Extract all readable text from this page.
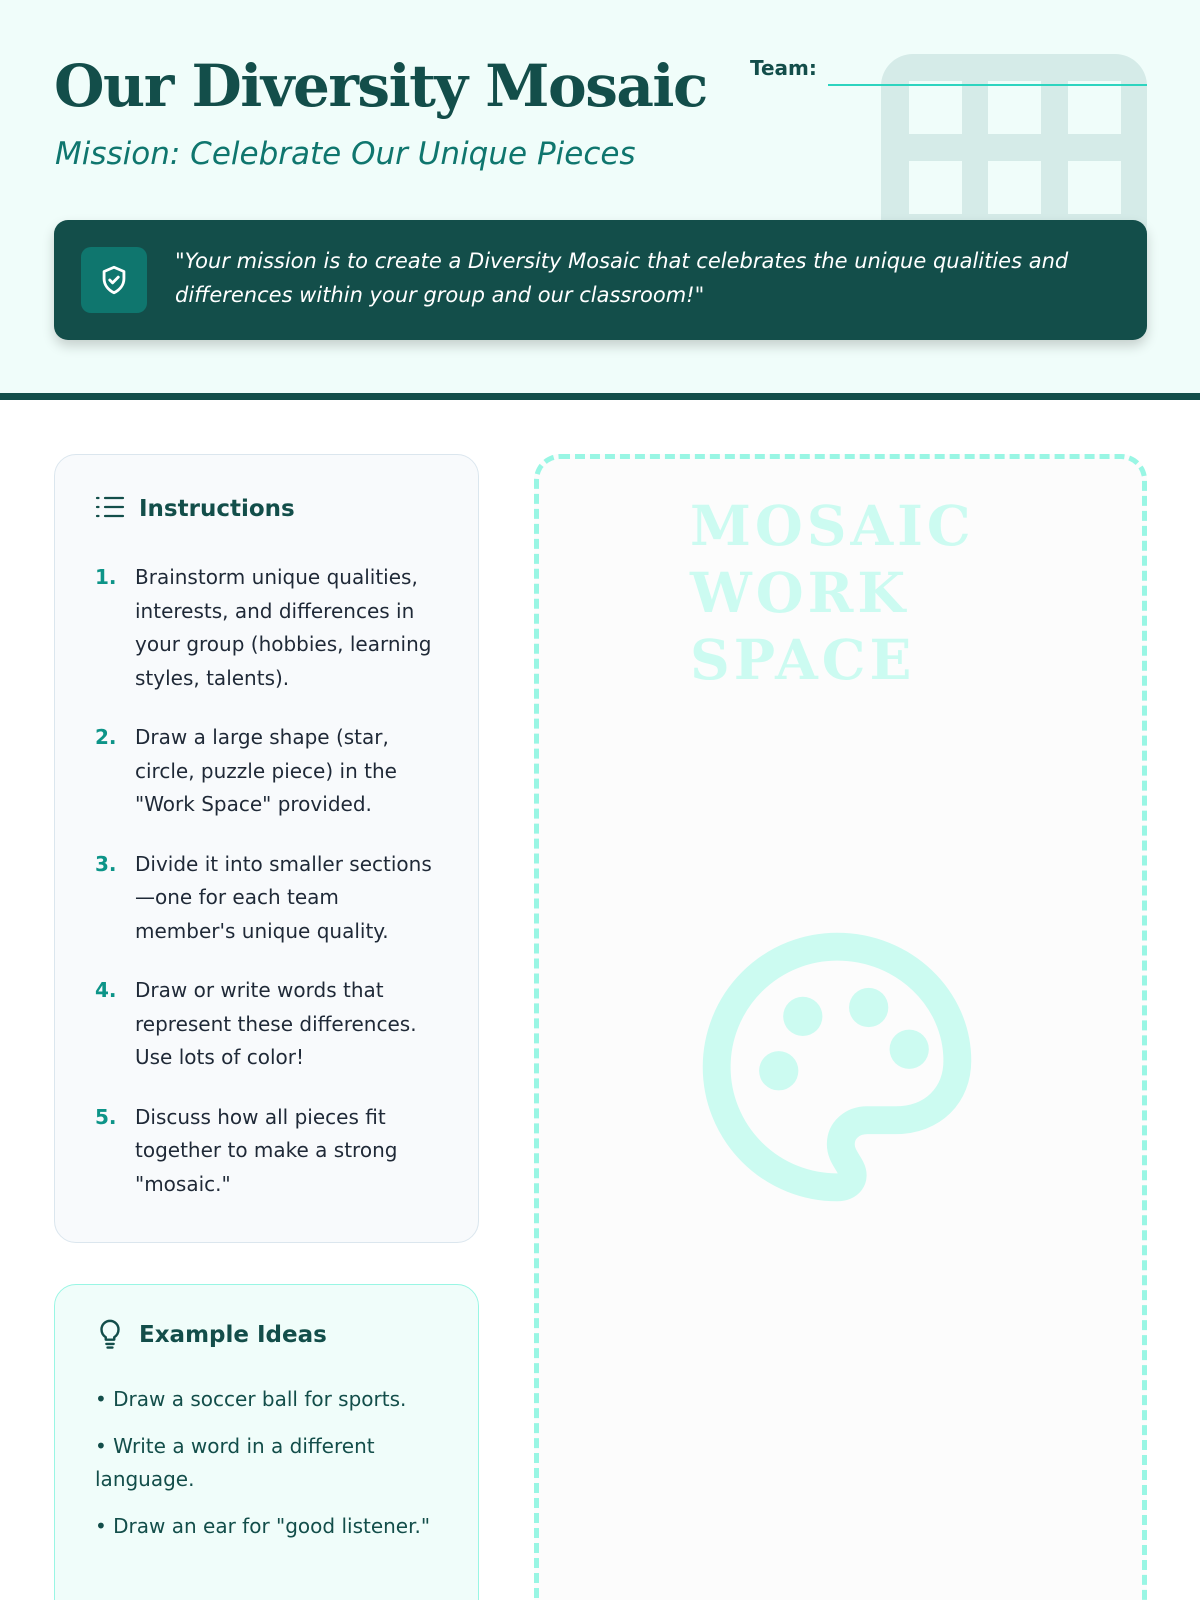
Our Diversity Mosaic
Mission: Celebrate Our Unique Pieces
Team:
"Your mission is to create a Diversity Mosaic that celebrates the unique qualities and differences within your group and our classroom!"
Instructions
1. Brainstorm unique qualities, interests, and differences in your group (hobbies, learning styles, talents).
2. Draw a large shape (star, circle, puzzle piece) in the "Work Space" provided.
3. Divide it into smaller sections—one for each team member's unique quality.
4. Draw or write words that represent these differences. Use lots of color!
5. Discuss how all pieces fit together to make a strong "mosaic."
Example Ideas
• Draw a soccer ball for sports.
• Write a word in a different language.
• Draw an ear for "good listener."
MOSAIC WORK SPACE
